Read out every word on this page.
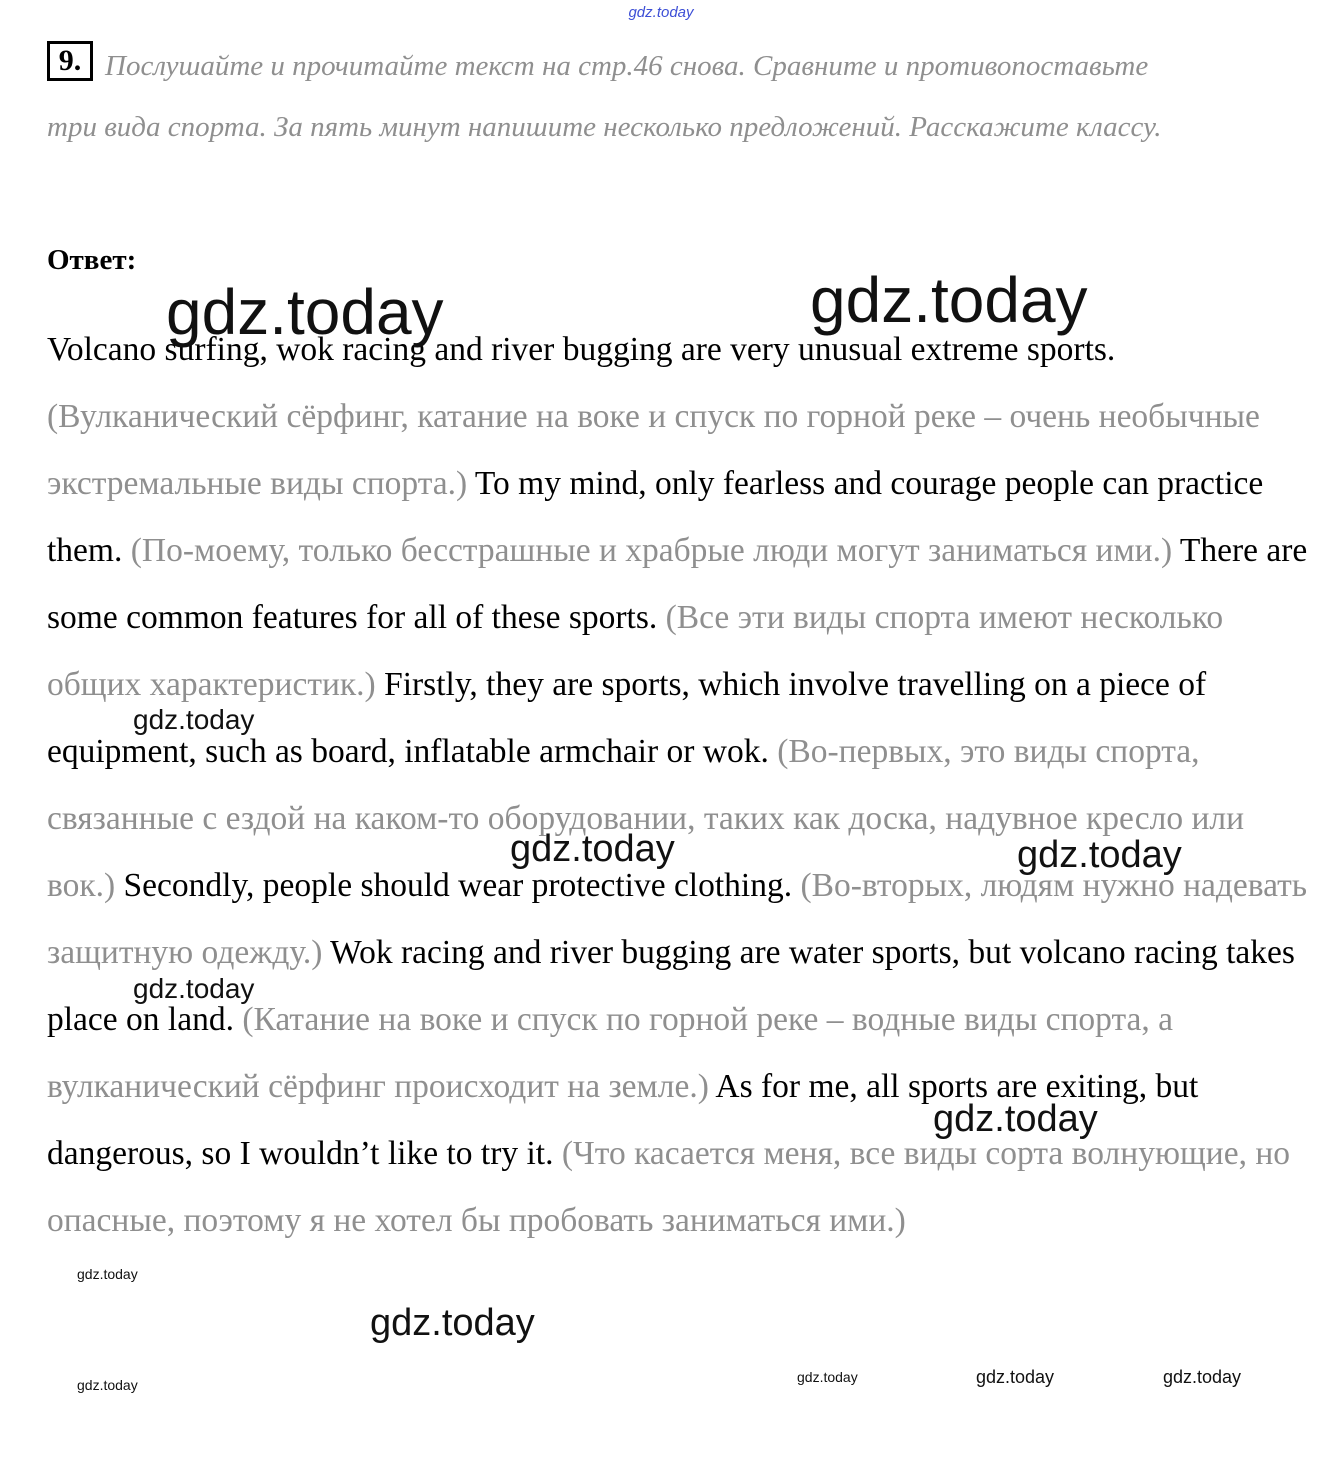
gdz.today
9. Послушайте и прочитайте текст на стр.46 снова. Сравните и противопоставьте три вида спорта. За пять минут напишите несколько предложений. Расскажите классу.

Ответ:

Volcano surfing, wok racing and river bugging are very unusual extreme sports. (Вулканический сёрфинг, катание на воке и спуск по горной реке – очень необычные экстремальные виды спорта.) To my mind, only fearless and courage people can practice them. (По-моему, только бесстрашные и храбрые люди могут заниматься ими.) There are some common features for all of these sports. (Все эти виды спорта имеют несколько общих характеристик.) Firstly, they are sports, which involve travelling on a piece of equipment, such as board, inflatable armchair or wok. (Во-первых, это виды спорта, связанные с ездой на каком-то оборудовании, таких как доска, надувное кресло или вок.) Secondly, people should wear protective clothing. (Во-вторых, людям нужно надевать защитную одежду.) Wok racing and river bugging are water sports, but volcano racing takes place on land. (Катание на воке и спуск по горной реке – водные виды спорта, а вулканический сёрфинг происходит на земле.) As for me, all sports are exiting, but dangerous, so I wouldn’t like to try it. (Что касается меня, все виды сорта волнующие, но опасные, поэтому я не хотел бы пробовать заниматься ими.)

gdz.today	gdz.today
gdz.today
gdz.today	gdz.today
gdz.today
gdz.today
gdz.today
gdz.today
gdz.today	gdz.today	gdz.today	gdz.today
